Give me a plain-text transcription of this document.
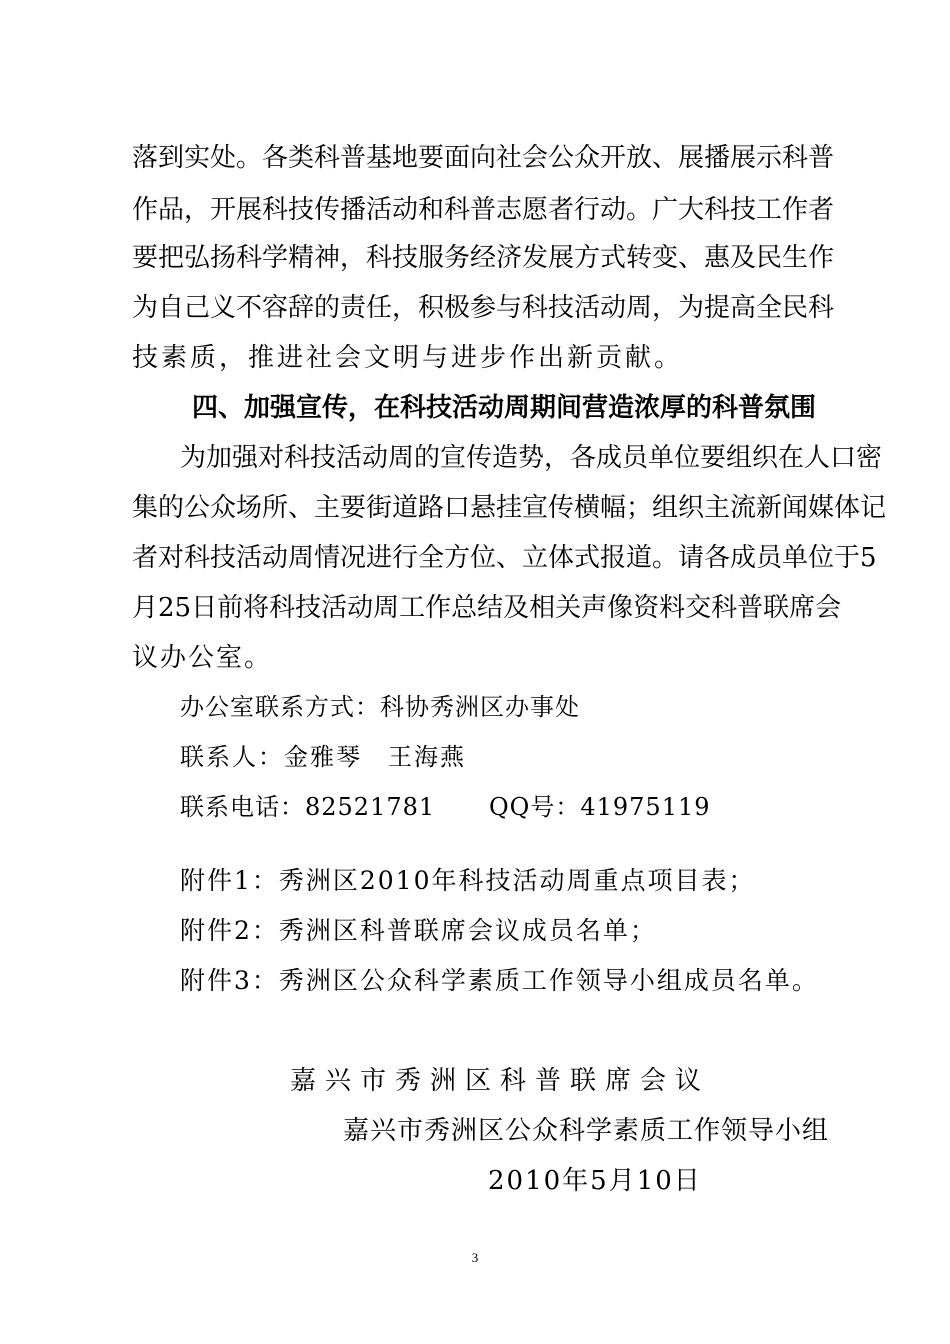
落到实处。各类科普基地要面向社会公众开放、展播展示科普
作品，开展科技传播活动和科普志愿者行动。广大科技工作者
要把弘扬科学精神，科技服务经济发展方式转变、惠及民生作
为自己义不容辞的责任，积极参与科技活动周，为提高全民科
技素质，推进社会文明与进步作出新贡献。
四、加强宣传，在科技活动周期间营造浓厚的科普氛围
为加强对科技活动周的宣传造势，各成员单位要组织在人口密
集的公众场所、主要街道路口悬挂宣传横幅；组织主流新闻媒体记
者对科技活动周情况进行全方位、立体式报道。请各成员单位于5
月25日前将科技活动周工作总结及相关声像资料交科普联席会
议办公室。
办公室联系方式：科协秀洲区办事处
联系人：金雅琴　王海燕
联系电话：82521781	QQ号：41975119
附件1：秀洲区2010年科技活动周重点项目表；
附件2：秀洲区科普联席会议成员名单；
附件3：秀洲区公众科学素质工作领导小组成员名单。
嘉兴市秀洲区科普联席会议
嘉兴市秀洲区公众科学素质工作领导小组
2010年5月10日
3
